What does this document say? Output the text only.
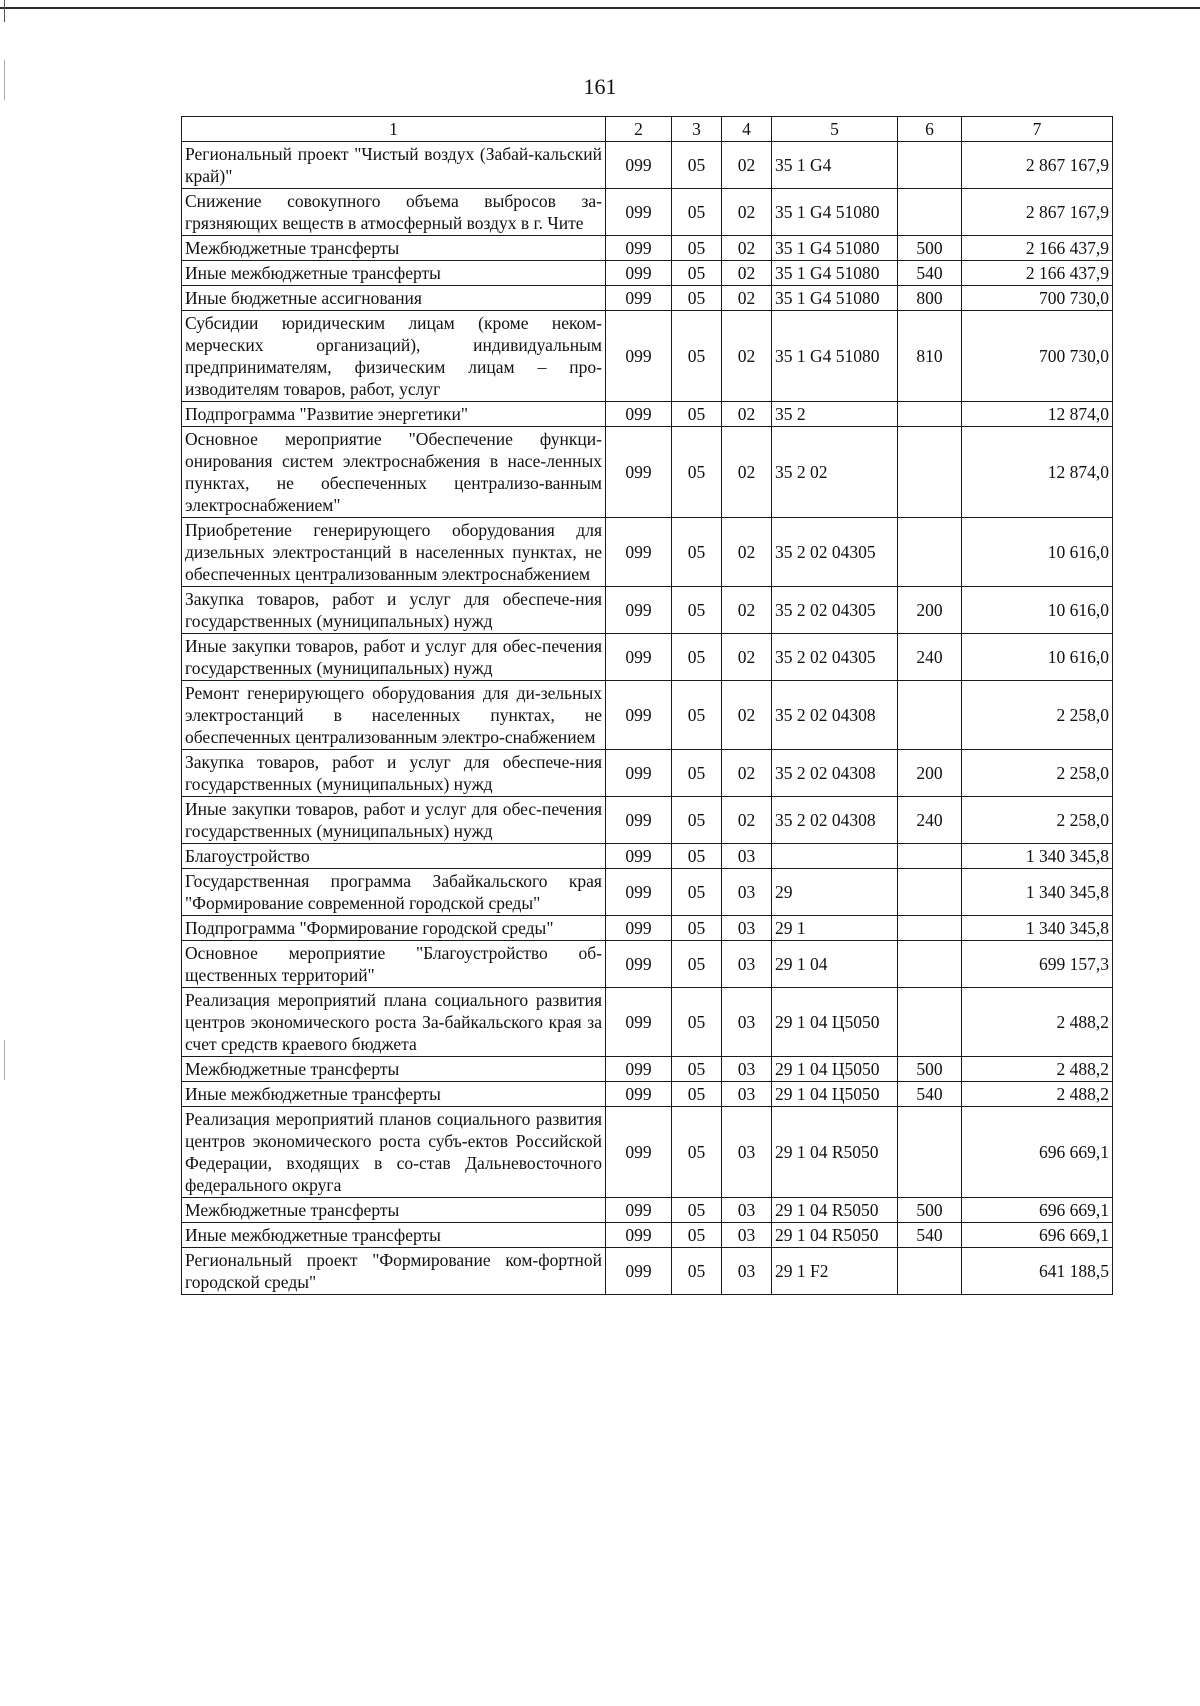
161
1	2	3	4	5	6	7
Региональный проект "Чистый воздух (Забай-кальский край)"	099	05	02	35 1 G4		2 867 167,9
Снижение совокупного объема выбросов за-грязняющих веществ в атмосферный воздух в г. Чите	099	05	02	35 1 G4 51080		2 867 167,9
Межбюджетные трансферты	099	05	02	35 1 G4 51080	500	2 166 437,9
Иные межбюджетные трансферты	099	05	02	35 1 G4 51080	540	2 166 437,9
Иные бюджетные ассигнования	099	05	02	35 1 G4 51080	800	700 730,0
Субсидии юридическим лицам (кроме неком-мерческих организаций), индивидуальным предпринимателям, физическим лицам – про-изводителям товаров, работ, услуг	099	05	02	35 1 G4 51080	810	700 730,0
Подпрограмма "Развитие энергетики"	099	05	02	35 2		12 874,0
Основное мероприятие "Обеспечение функци-онирования систем электроснабжения в насе-ленных пунктах, не обеспеченных централизо-ванным электроснабжением"	099	05	02	35 2 02		12 874,0
Приобретение генерирующего оборудования для дизельных электростанций в населенных пунктах, не обеспеченных централизованным электроснабжением	099	05	02	35 2 02 04305		10 616,0
Закупка товаров, работ и услуг для обеспече-ния государственных (муниципальных) нужд	099	05	02	35 2 02 04305	200	10 616,0
Иные закупки товаров, работ и услуг для обес-печения государственных (муниципальных) нужд	099	05	02	35 2 02 04305	240	10 616,0
Ремонт генерирующего оборудования для ди-зельных электростанций в населенных пунктах, не обеспеченных централизованным электро-снабжением	099	05	02	35 2 02 04308		2 258,0
Закупка товаров, работ и услуг для обеспече-ния государственных (муниципальных) нужд	099	05	02	35 2 02 04308	200	2 258,0
Иные закупки товаров, работ и услуг для обес-печения государственных (муниципальных) нужд	099	05	02	35 2 02 04308	240	2 258,0
Благоустройство	099	05	03			1 340 345,8
Государственная программа Забайкальского края "Формирование современной городской среды"	099	05	03	29		1 340 345,8
Подпрограмма "Формирование городской среды"	099	05	03	29 1		1 340 345,8
Основное мероприятие "Благоустройство об-щественных территорий"	099	05	03	29 1 04		699 157,3
Реализация мероприятий плана социального развития центров экономического роста За-байкальского края за счет средств краевого бюджета	099	05	03	29 1 04 Ц5050		2 488,2
Межбюджетные трансферты	099	05	03	29 1 04 Ц5050	500	2 488,2
Иные межбюджетные трансферты	099	05	03	29 1 04 Ц5050	540	2 488,2
Реализация мероприятий планов социального развития центров экономического роста субъ-ектов Российской Федерации, входящих в со-став Дальневосточного федерального округа	099	05	03	29 1 04 R5050		696 669,1
Межбюджетные трансферты	099	05	03	29 1 04 R5050	500	696 669,1
Иные межбюджетные трансферты	099	05	03	29 1 04 R5050	540	696 669,1
Региональный проект "Формирование ком-фортной городской среды"	099	05	03	29 1 F2		641 188,5
